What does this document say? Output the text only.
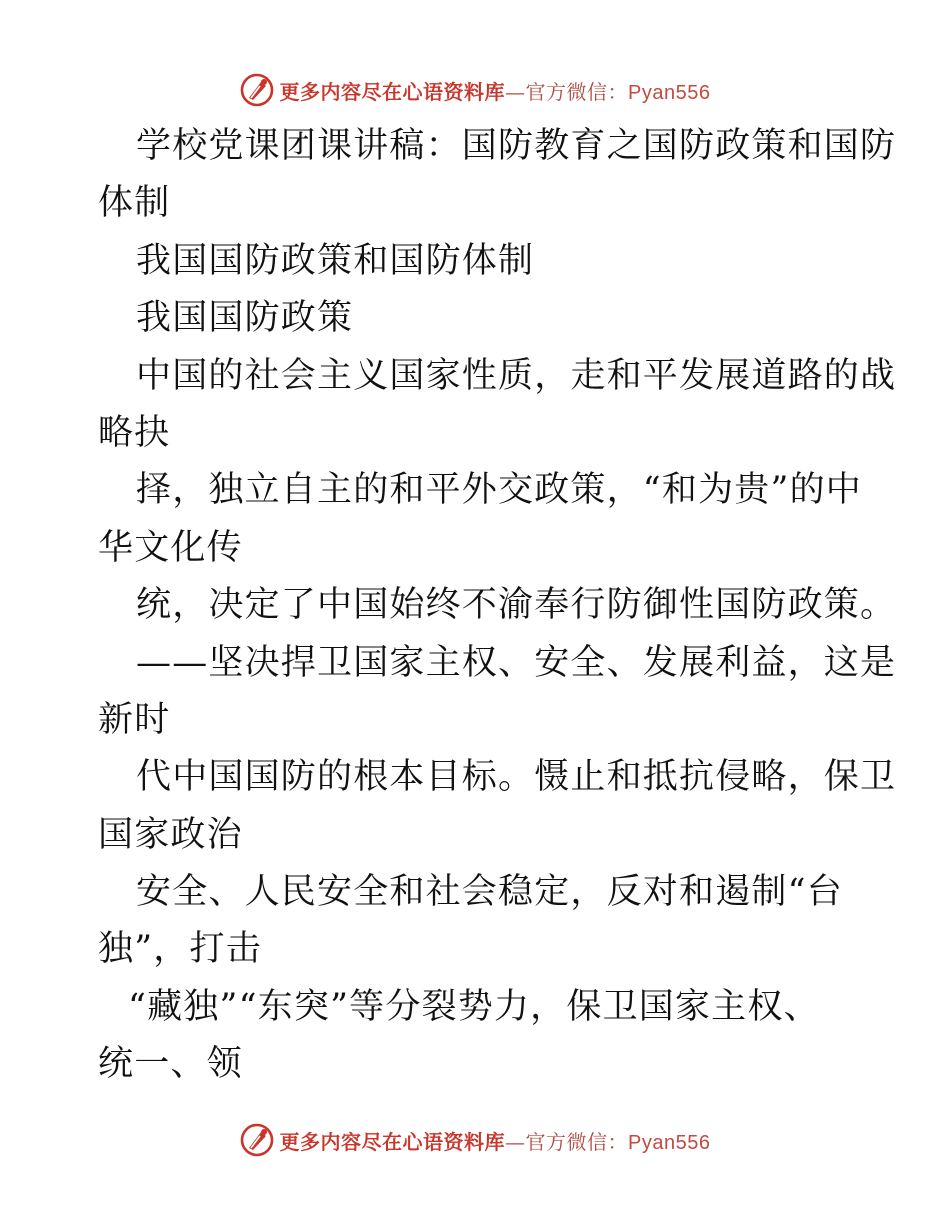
更多内容尽在心语资料库—官方微信：Pyan556
学校党课团课讲稿：国防教育之国防政策和国防
体制
我国国防政策和国防体制
我国国防政策
中国的社会主义国家性质，走和平发展道路的战
略抉
择，独立自主的和平外交政策，“和为贵”的中
华文化传
统，决定了中国始终不渝奉行防御性国防政策。
——坚决捍卫国家主权、安全、发展利益，这是
新时
代中国国防的根本目标。慑止和抵抗侵略，保卫
国家政治
安全、人民安全和社会稳定，反对和遏制“台
独”，打击
“藏独”“东突”等分裂势力，保卫国家主权、
统一、领
更多内容尽在心语资料库—官方微信：Pyan556
